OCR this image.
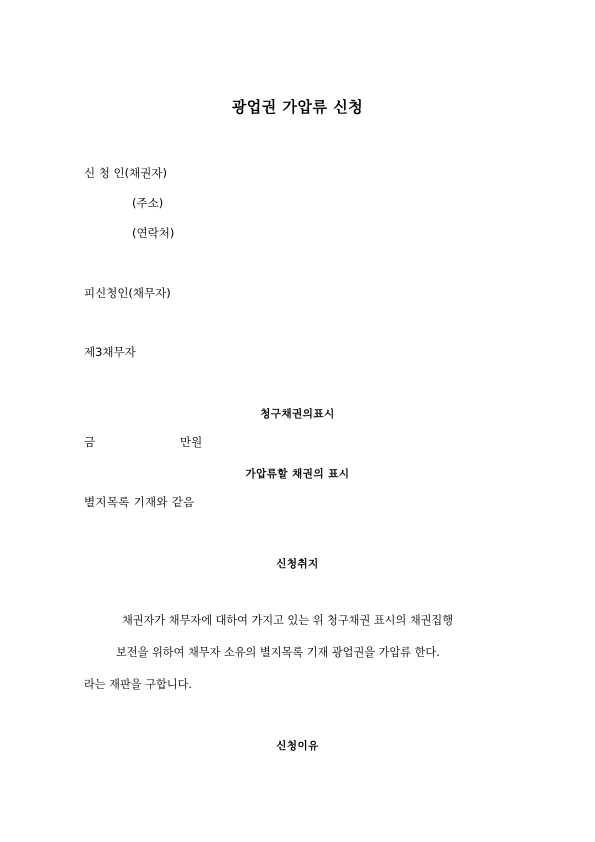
광업권 가압류 신청
신 청 인(채권자)
(주소)
(연락처)
피신청인(채무자)
제3채무자
청구채권의표시
금	만원
가압류할 채권의 표시
별지목록 기재와 같음
신청취지
채권자가 채무자에 대하여 가지고 있는 위 청구채권 표시의 채권집행
보전을 위하여 채무자 소유의 별지목록 기재 광업권을 가압류 한다.
라는 재판을 구합니다.
신청이유
